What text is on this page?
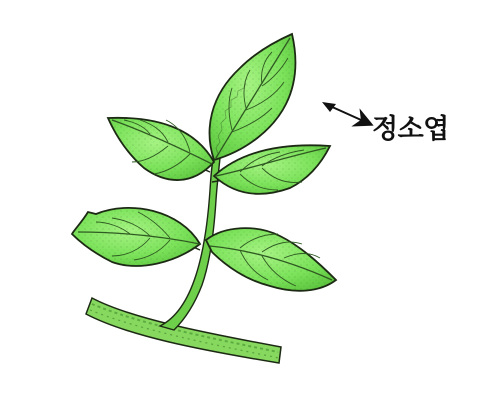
정소엽
